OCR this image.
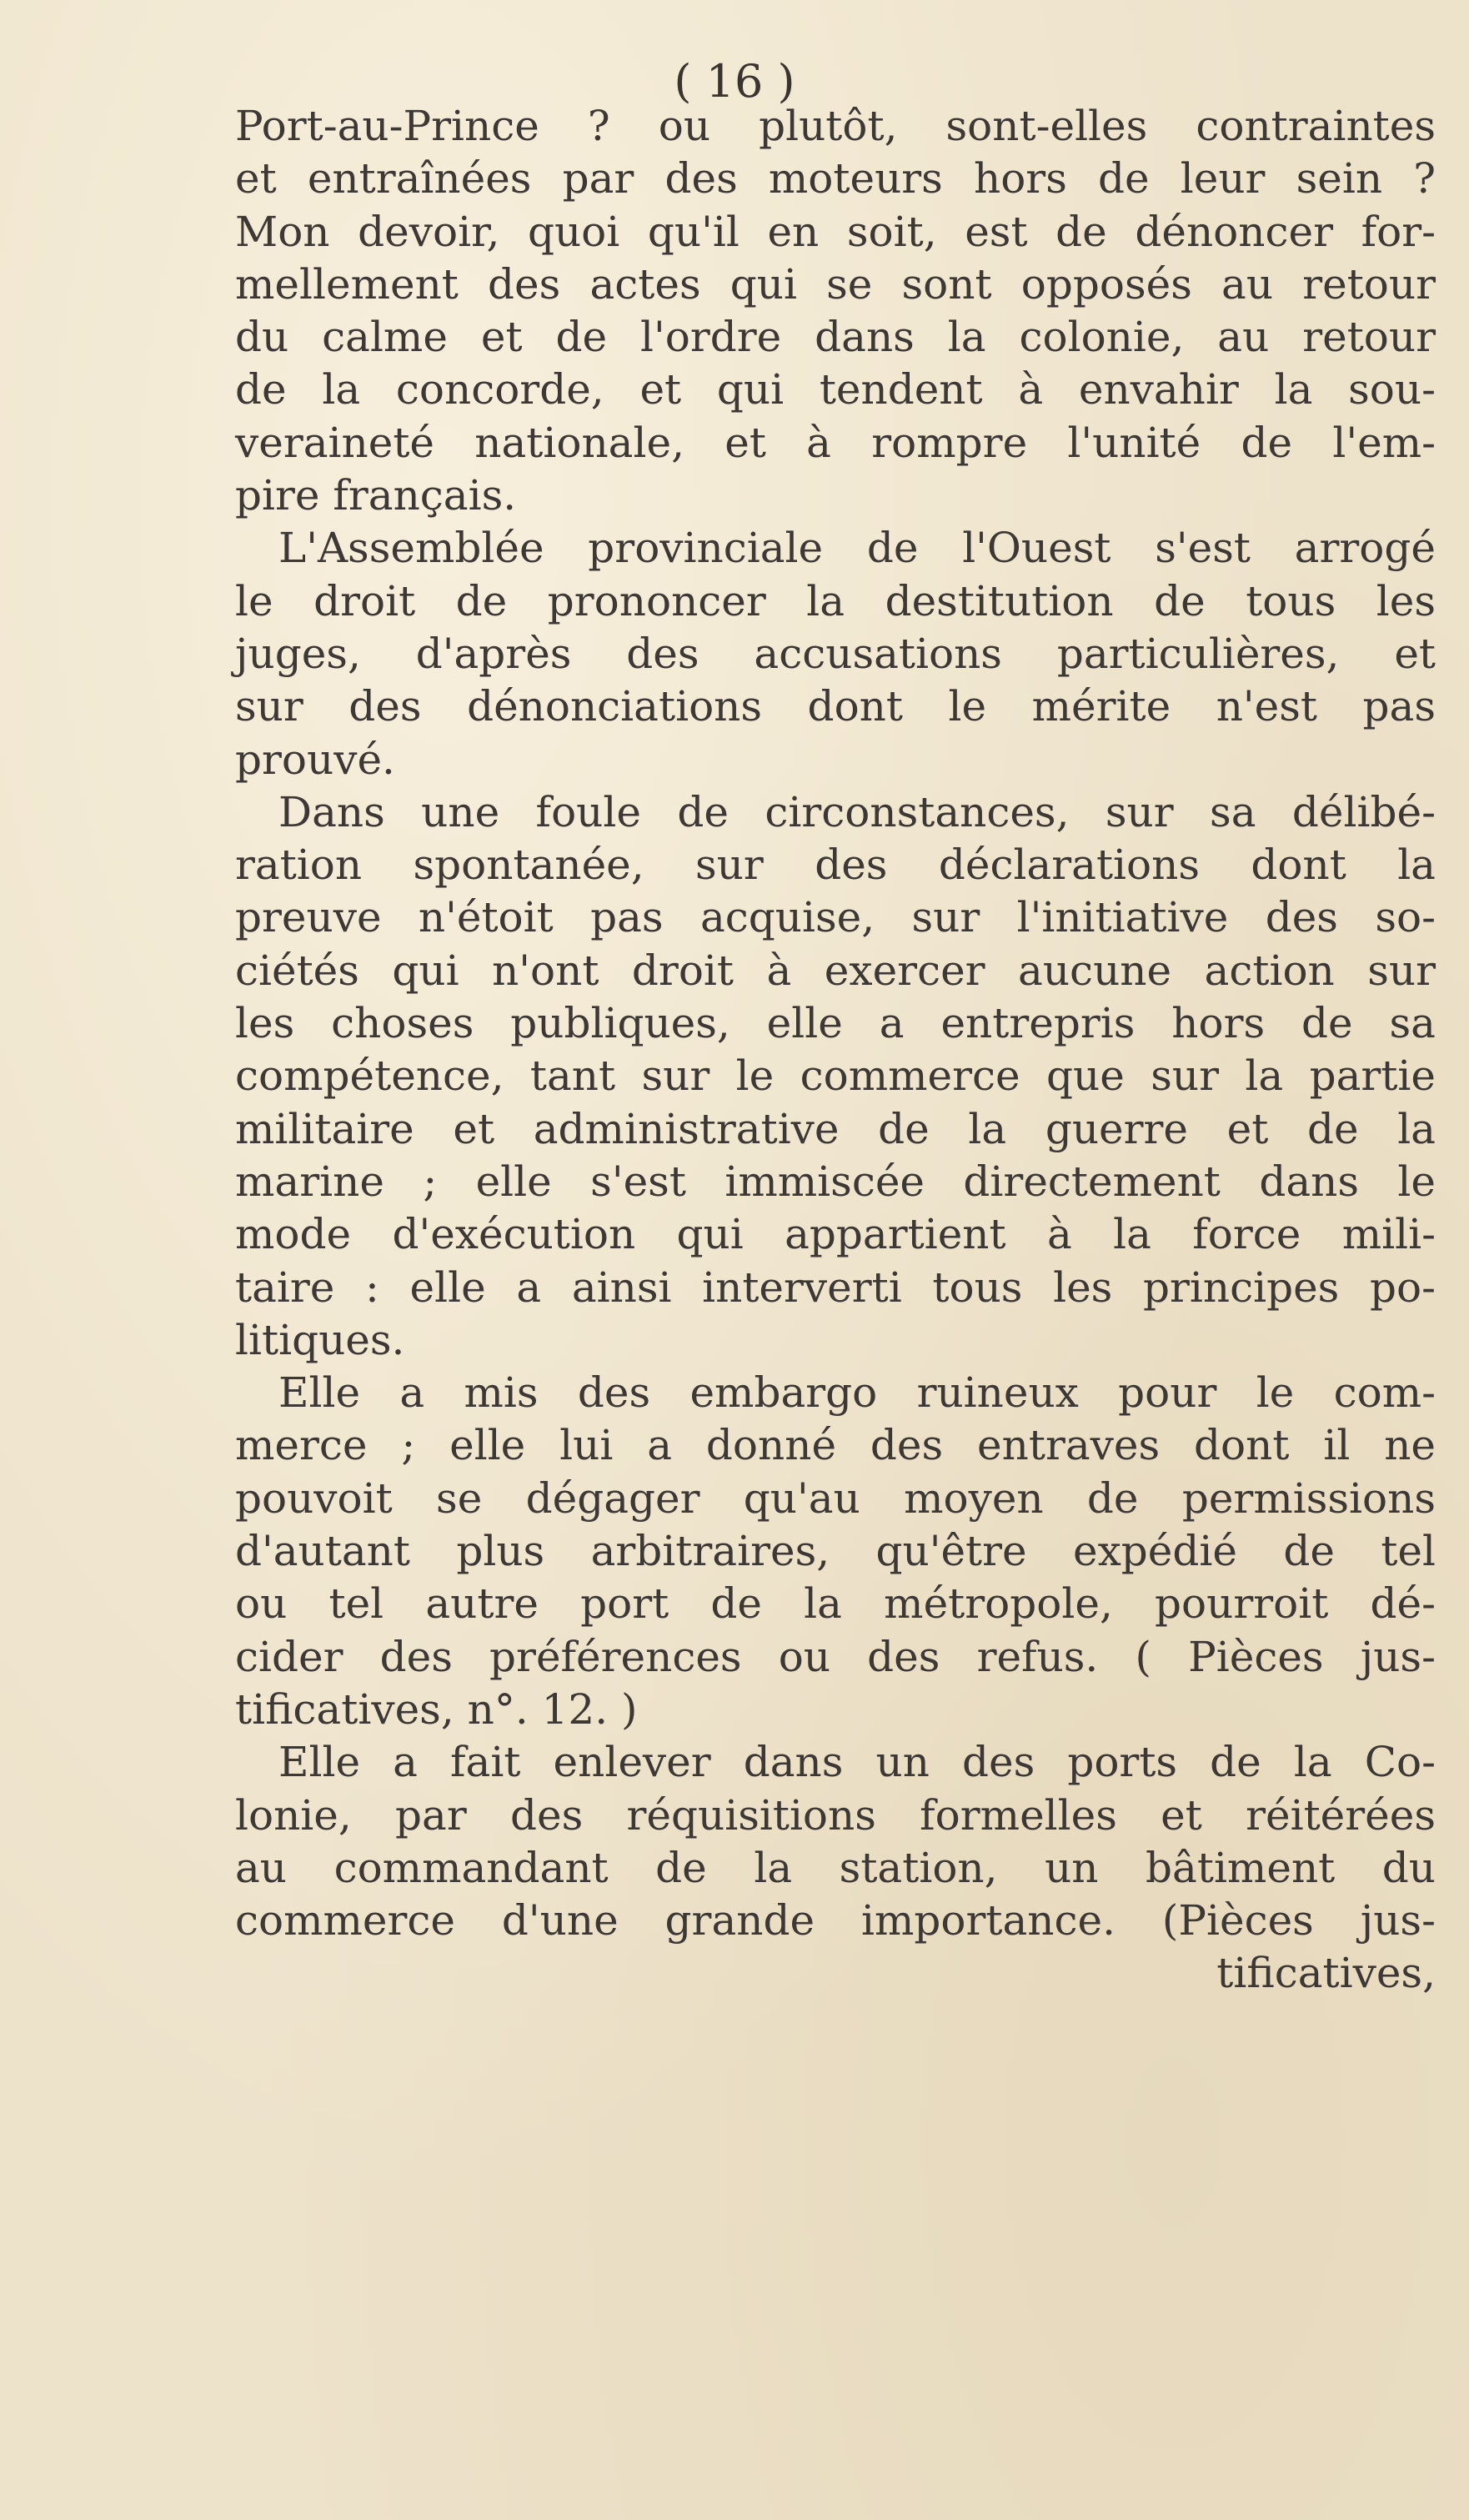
( 16 )

Port-au-Prince ? ou plutôt, sont-elles contraintes
et entraînées par des moteurs hors de leur sein ?
Mon devoir, quoi qu'il en soit, est de dénoncer for-
mellement des actes qui se sont opposés au retour
du calme et de l'ordre dans la colonie, au retour
de la concorde, et qui tendent à envahir la sou-
veraineté nationale, et à rompre l'unité de l'em-
pire français.

L'Assemblée provinciale de l'Ouest s'est arrogé
le droit de prononcer la destitution de tous les
juges, d'après des accusations particulières, et
sur des dénonciations dont le mérite n'est pas
prouvé.

Dans une foule de circonstances, sur sa délibé-
ration spontanée, sur des déclarations dont la
preuve n'étoit pas acquise, sur l'initiative des so-
ciétés qui n'ont droit à exercer aucune action sur
les choses publiques, elle a entrepris hors de sa
compétence, tant sur le commerce que sur la partie
militaire et administrative de la guerre et de la
marine ; elle s'est immiscée directement dans le
mode d'exécution qui appartient à la force mili-
taire : elle a ainsi interverti tous les principes po-
litiques.

Elle a mis des embargo ruineux pour le com-
merce ; elle lui a donné des entraves dont il ne
pouvoit se dégager qu'au moyen de permissions
d'autant plus arbitraires, qu'être expédié de tel
ou tel autre port de la métropole, pourroit dé-
cider des préférences ou des refus. ( Pièces jus-
tificatives, n°. 12. )

Elle a fait enlever dans un des ports de la Co-
lonie, par des réquisitions formelles et réitérées
au commandant de la station, un bâtiment du
commerce d'une grande importance. (Pièces jus-

tificatives,
